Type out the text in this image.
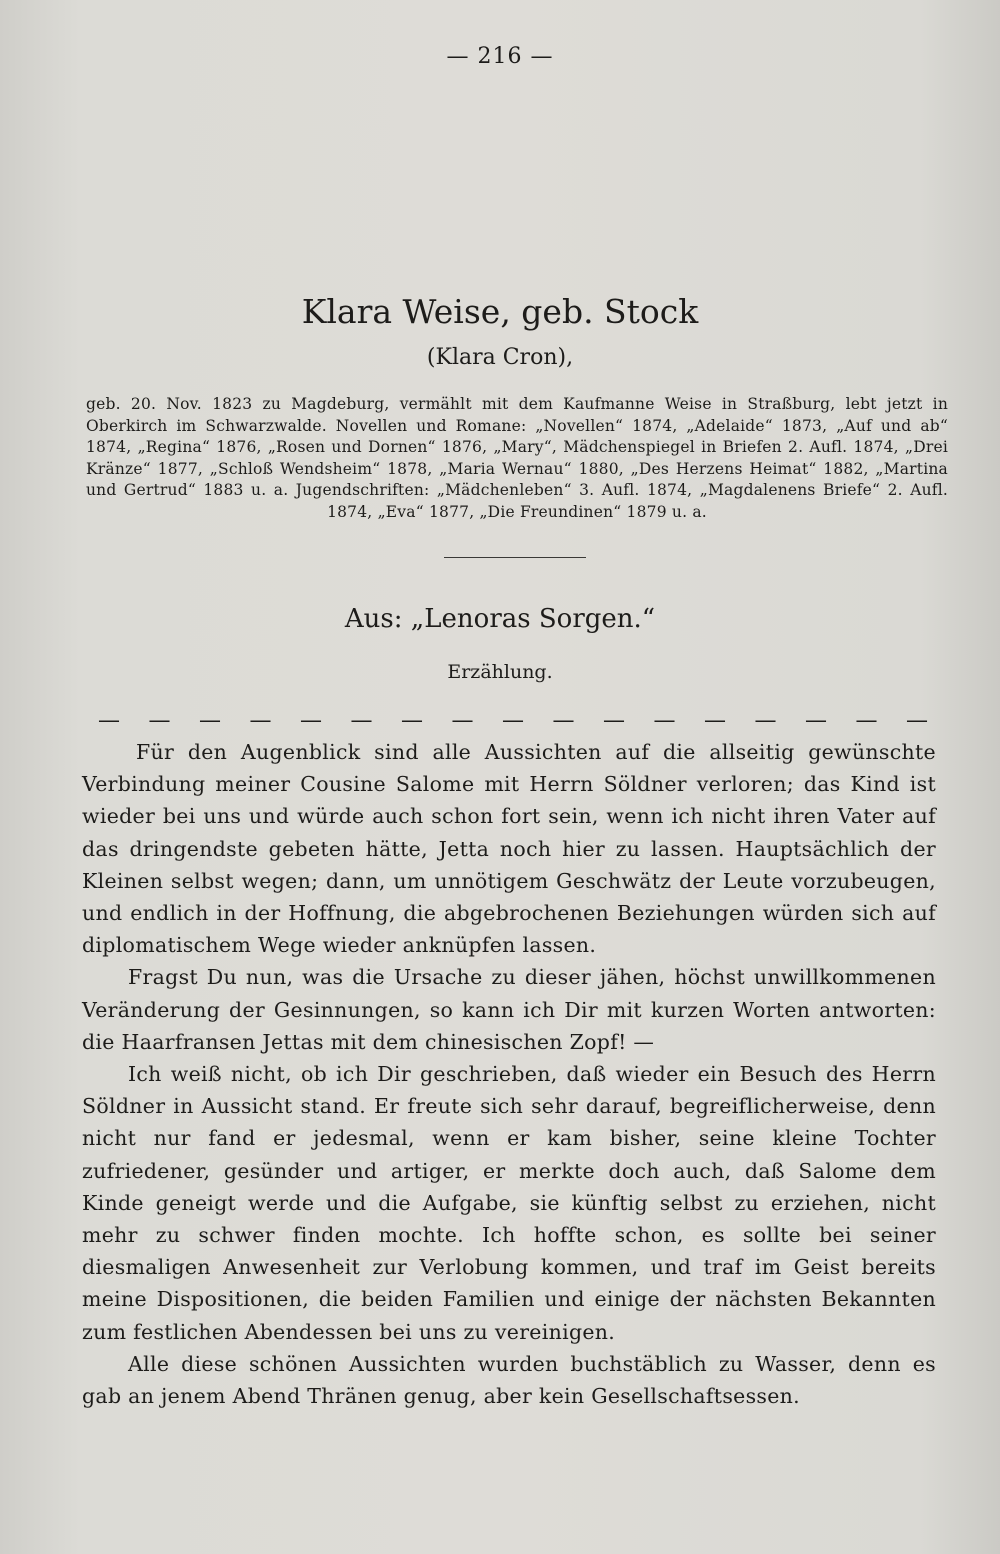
— 216 —
Klara Weise, geb. Stock
(Klara Cron),
geb. 20. Nov. 1823 zu Magdeburg, vermählt mit dem Kaufmanne Weise in Straßburg, lebt jetzt in Oberkirch im Schwarzwalde. Novellen und Romane: „Novellen“ 1874, „Adelaide“ 1873, „Auf und ab“ 1874, „Regina“ 1876, „Rosen und Dornen“ 1876, „Mary“, Mädchenspiegel in Briefen 2. Aufl. 1874, „Drei Kränze“ 1877, „Schloß Wendsheim“ 1878, „Maria Wernau“ 1880, „Des Herzens Heimat“ 1882, „Martina und Gertrud“ 1883 u. a. Jugendschriften: „Mädchenleben“ 3. Aufl. 1874, „Magdalenens Briefe“ 2. Aufl. 1874, „Eva“ 1877, „Die Freundinen“ 1879 u. a.
Aus: „Lenoras Sorgen.“
Erzählung.
— — — — — — — — — — — — — — — — —

Für den Augenblick sind alle Aussichten auf die allseitig gewünschte Verbindung meiner Cousine Salome mit Herrn Söldner verloren; das Kind ist wieder bei uns und würde auch schon fort sein, wenn ich nicht ihren Vater auf das dringendste gebeten hätte, Jetta noch hier zu lassen. Hauptsächlich der Kleinen selbst wegen; dann, um unnötigem Geschwätz der Leute vorzubeugen, und endlich in der Hoffnung, die abgebrochenen Beziehungen würden sich auf diplomatischem Wege wieder anknüpfen lassen.

Fragst Du nun, was die Ursache zu dieser jähen, höchst unwillkommenen Veränderung der Gesinnungen, so kann ich Dir mit kurzen Worten antworten: die Haarfransen Jettas mit dem chinesischen Zopf! —

Ich weiß nicht, ob ich Dir geschrieben, daß wieder ein Besuch des Herrn Söldner in Aussicht stand. Er freute sich sehr darauf, begreiflicherweise, denn nicht nur fand er jedesmal, wenn er kam bisher, seine kleine Tochter zufriedener, gesünder und artiger, er merkte doch auch, daß Salome dem Kinde geneigt werde und die Aufgabe, sie künftig selbst zu erziehen, nicht mehr zu schwer finden mochte. Ich hoffte schon, es sollte bei seiner diesmaligen Anwesenheit zur Verlobung kommen, und traf im Geist bereits meine Dispositionen, die beiden Familien und einige der nächsten Bekannten zum festlichen Abendessen bei uns zu vereinigen.

Alle diese schönen Aussichten wurden buchstäblich zu Wasser, denn es gab an jenem Abend Thränen genug, aber kein Gesellschaftsessen.
